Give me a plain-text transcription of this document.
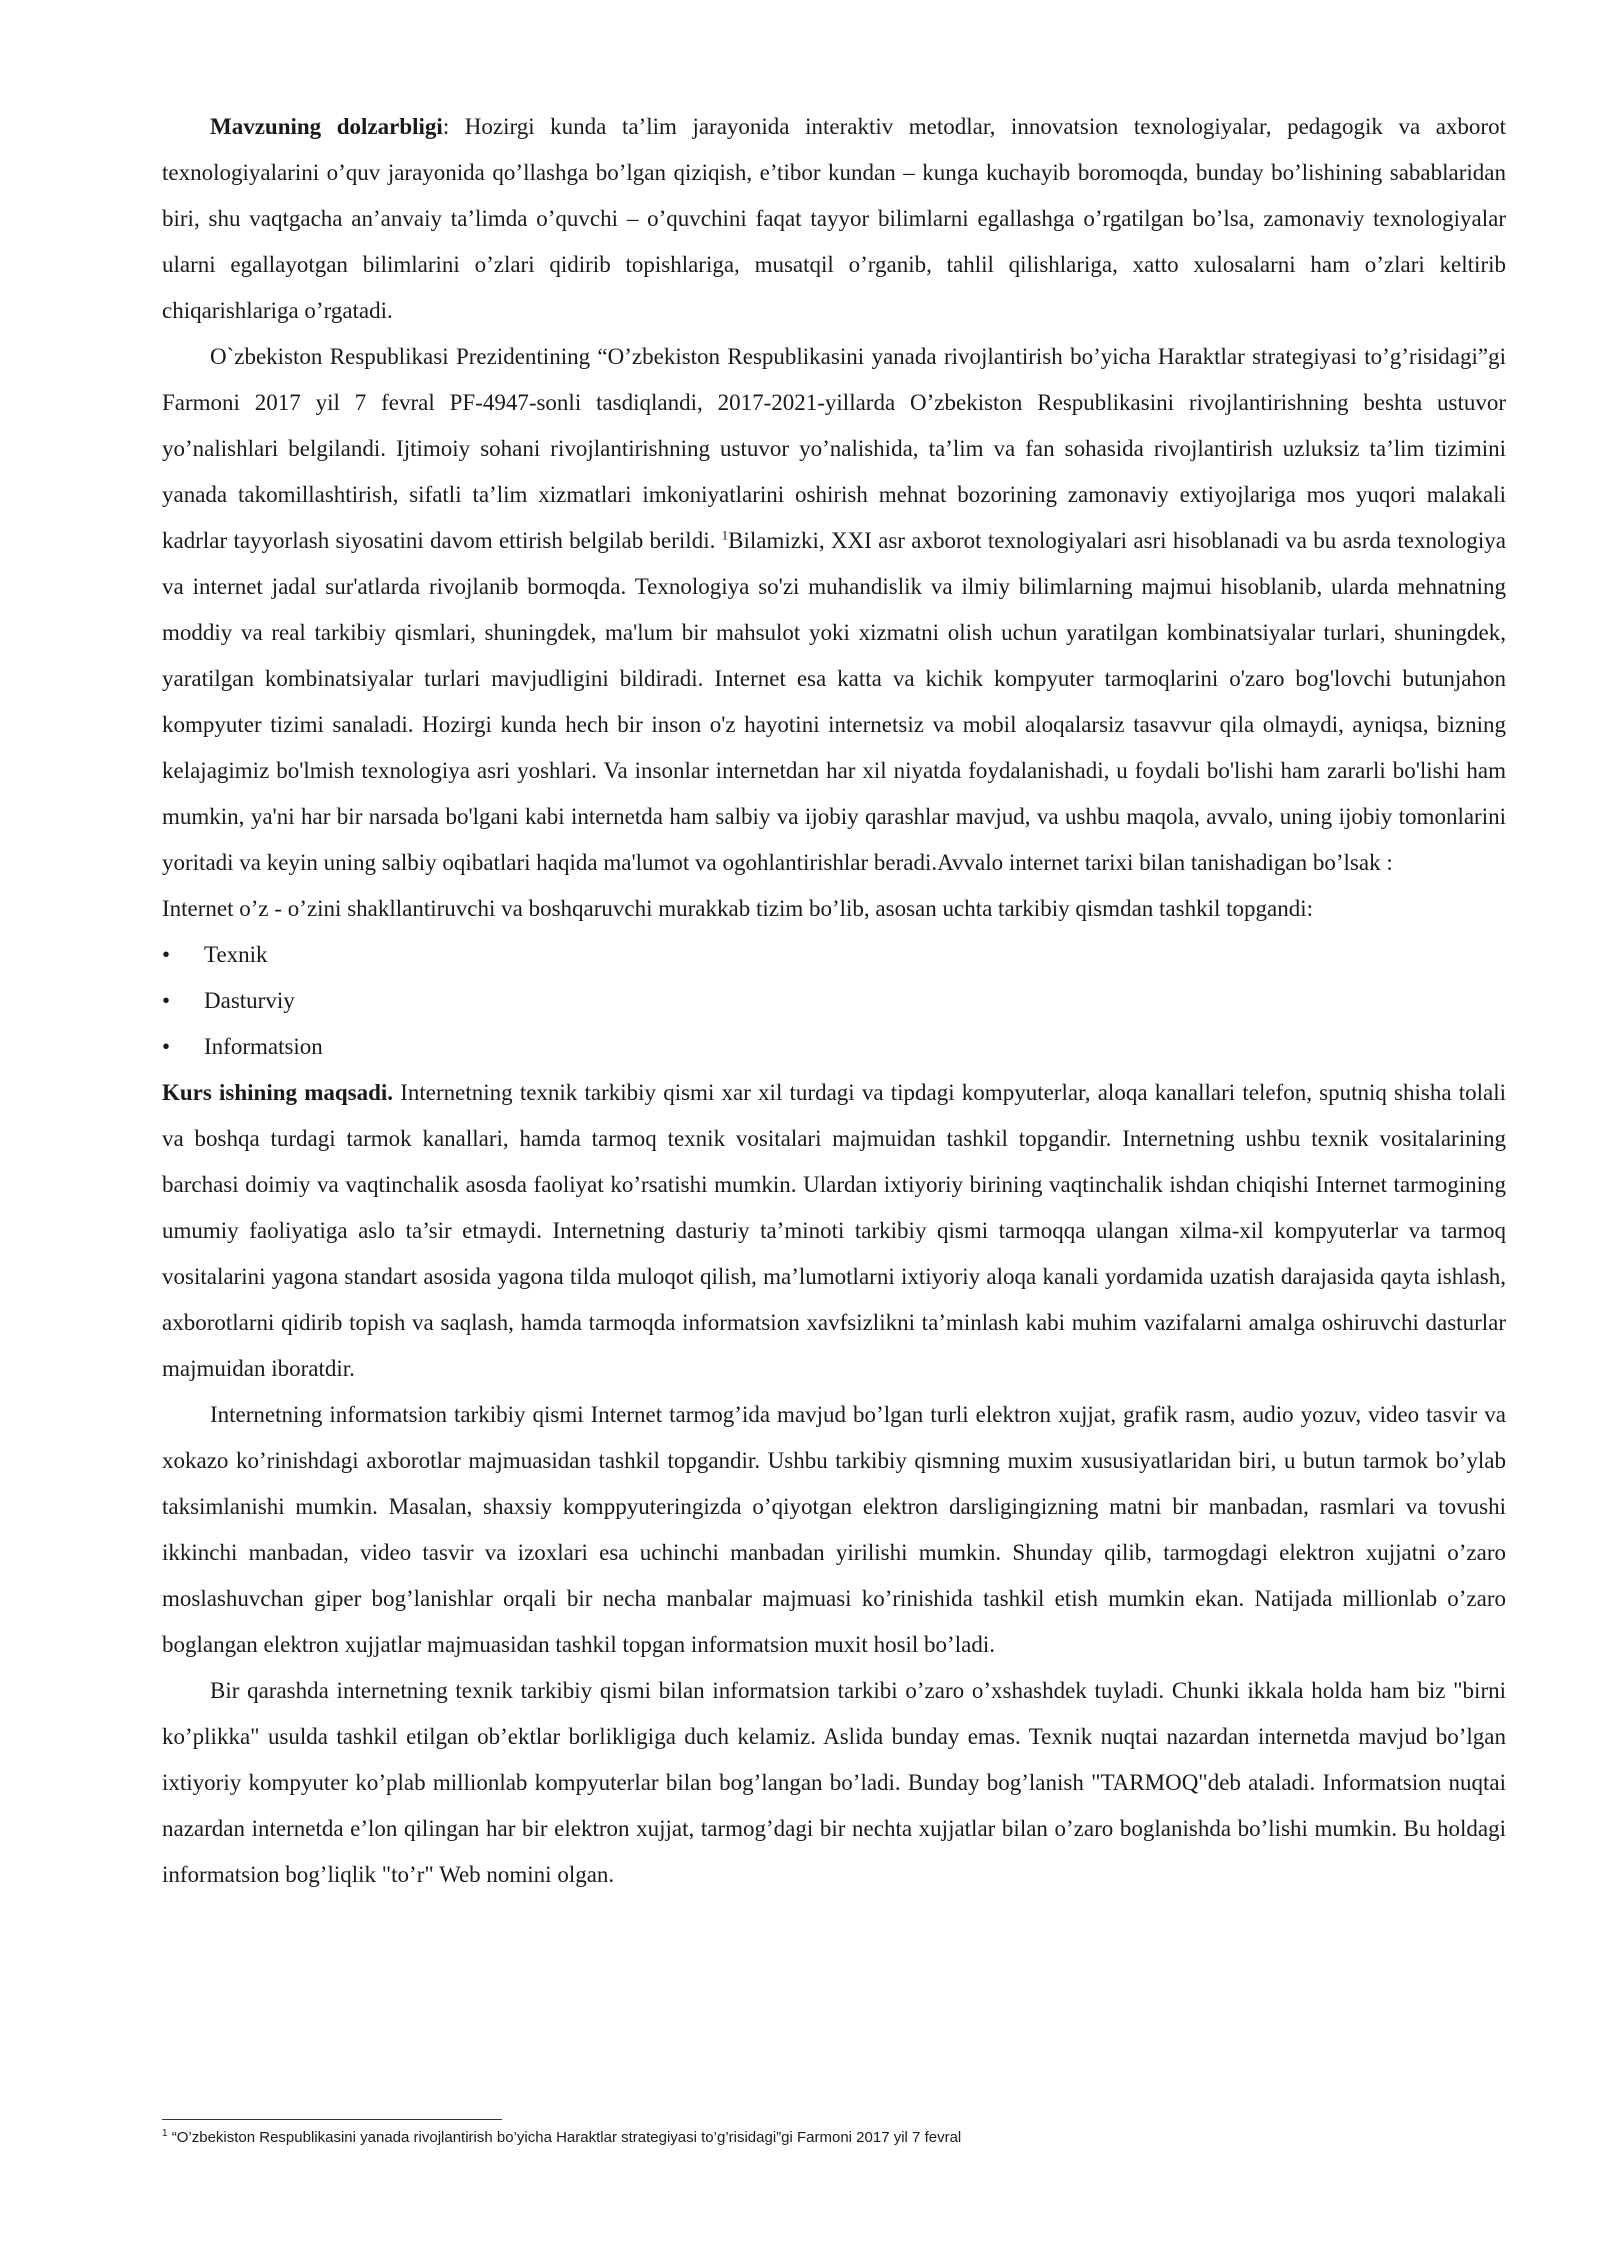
Mavzuning dolzarbligi: Hozirgi kunda ta’lim jarayonida interaktiv metodlar, innovatsion texnologiyalar, pedagogik va axborot texnologiyalarini o’quv jarayonida qo’llashga bo’lgan qiziqish, e’tibor kundan – kunga kuchayib boromoqda, bunday bo’lishining sabablaridan biri, shu vaqtgacha an’anvaiy ta’limda o’quvchi – o’quvchini faqat tayyor bilimlarni egallashga o’rgatilgan bo’lsa, zamonaviy texnologiyalar ularni egallayotgan bilimlarini o’zlari qidirib topishlariga, musatqil o’rganib, tahlil qilishlariga, xatto xulosalarni ham o’zlari keltirib chiqarishlariga o’rgatadi.

O`zbekiston Respublikasi Prezidentining “O’zbekiston Respublikasini yanada rivojlantirish bo’yicha Haraktlar strategiyasi to’g’risidagi”gi Farmoni 2017 yil 7 fevral PF-4947-sonli tasdiqlandi, 2017-2021-yillarda O’zbekiston Respublikasini rivojlantirishning beshta ustuvor yo’nalishlari belgilandi. Ijtimoiy sohani rivojlantirishning ustuvor yo’nalishida, ta’lim va fan sohasida rivojlantirish uzluksiz ta’lim tizimini yanada takomillashtirish, sifatli ta’lim xizmatlari imkoniyatlarini oshirish mehnat bozorining zamonaviy extiyojlariga mos yuqori malakali kadrlar tayyorlash siyosatini davom ettirish belgilab berildi. $^1$Bilamizki, XXI asr axborot texnologiyalari asri hisoblanadi va bu asrda texnologiya va internet jadal sur'atlarda rivojlanib bormoqda. Texnologiya so'zi muhandislik va ilmiy bilimlarning majmui hisoblanib, ularda mehnatning moddiy va real tarkibiy qismlari, shuningdek, ma'lum bir mahsulot yoki xizmatni olish uchun yaratilgan kombinatsiyalar turlari, shuningdek, yaratilgan kombinatsiyalar turlari mavjudligini bildiradi. Internet esa katta va kichik kompyuter tarmoqlarini o'zaro bog'lovchi butunjahon kompyuter tizimi sanaladi. Hozirgi kunda hech bir inson o'z hayotini internetsiz va mobil aloqalarsiz tasavvur qila olmaydi, ayniqsa, bizning kelajagimiz bo'lmish texnologiya asri yoshlari. Va insonlar internetdan har xil niyatda foydalanishadi, u foydali bo'lishi ham zararli bo'lishi ham mumkin, ya'ni har bir narsada bo'lgani kabi internetda ham salbiy va ijobiy qarashlar mavjud, va ushbu maqola, avvalo, uning ijobiy tomonlarini yoritadi va keyin uning salbiy oqibatlari haqida ma'lumot va ogohlantirishlar beradi.Avvalo internet tarixi bilan tanishadigan bo’lsak :

Internet o’z - o’zini shakllantiruvchi va boshqaruvchi murakkab tizim bo’lib, asosan uchta tarkibiy qismdan tashkil topgandi:

• Texnik
• Dasturviy
• Informatsion

Kurs ishining maqsadi. Internetning texnik tarkibiy qismi xar xil turdagi va tipdagi kompyuterlar, aloqa kanallari telefon, sputniq shisha tolali va boshqa turdagi tarmok kanallari, hamda tarmoq texnik vositalari majmuidan tashkil topgandir. Internetning ushbu texnik vositalarining barchasi doimiy va vaqtinchalik asosda faoliyat ko’rsatishi mumkin. Ulardan ixtiyoriy birining vaqtinchalik ishdan chiqishi Internet tarmogining umumiy faoliyatiga aslo ta’sir etmaydi. Internetning dasturiy ta’minoti tarkibiy qismi tarmoqqa ulangan xilma-xil kompyuterlar va tarmoq vositalarini yagona standart asosida yagona tilda muloqot qilish, ma’lumotlarni ixtiyoriy aloqa kanali yordamida uzatish darajasida qayta ishlash, axborotlarni qidirib topish va saqlash, hamda tarmoqda informatsion xavfsizlikni ta’minlash kabi muhim vazifalarni amalga oshiruvchi dasturlar majmuidan iboratdir.

Internetning informatsion tarkibiy qismi Internet tarmog’ida mavjud bo’lgan turli elektron xujjat, grafik rasm, audio yozuv, video tasvir va xokazo ko’rinishdagi axborotlar majmuasidan tashkil topgandir. Ushbu tarkibiy qismning muxim xususiyatlaridan biri, u butun tarmok bo’ylab taksimlanishi mumkin. Masalan, shaxsiy komppyuteringizda o’qiyotgan elektron darsligingizning matni bir manbadan, rasmlari va tovushi ikkinchi manbadan, video tasvir va izoxlari esa uchinchi manbadan yirilishi mumkin. Shunday qilib, tarmogdagi elektron xujjatni o’zaro moslashuvchan giper bog’lanishlar orqali bir necha manbalar majmuasi ko’rinishida tashkil etish mumkin ekan. Natijada millionlab o’zaro boglangan elektron xujjatlar majmuasidan tashkil topgan informatsion muxit hosil bo’ladi.

Bir qarashda internetning texnik tarkibiy qismi bilan informatsion tarkibi o’zaro o’xshashdek tuyladi. Chunki ikkala holda ham biz "birni ko’plikka" usulda tashkil etilgan ob’ektlar borlikligiga duch kelamiz. Aslida bunday emas. Texnik nuqtai nazardan internetda mavjud bo’lgan ixtiyoriy kompyuter ko’plab millionlab kompyuterlar bilan bog’langan bo’ladi. Bunday bog’lanish "TARMOQ"deb ataladi. Informatsion nuqtai nazardan internetda e’lon qilingan har bir elektron xujjat, tarmog’dagi bir nechta xujjatlar bilan o’zaro boglanishda bo’lishi mumkin. Bu holdagi informatsion bog’liqlik "to’r" Web nomini olgan.

$^1$ “O’zbekiston Respublikasini yanada rivojlantirish bo’yicha Haraktlar strategiyasi to’g’risidagi”gi Farmoni 2017 yil 7 fevral
